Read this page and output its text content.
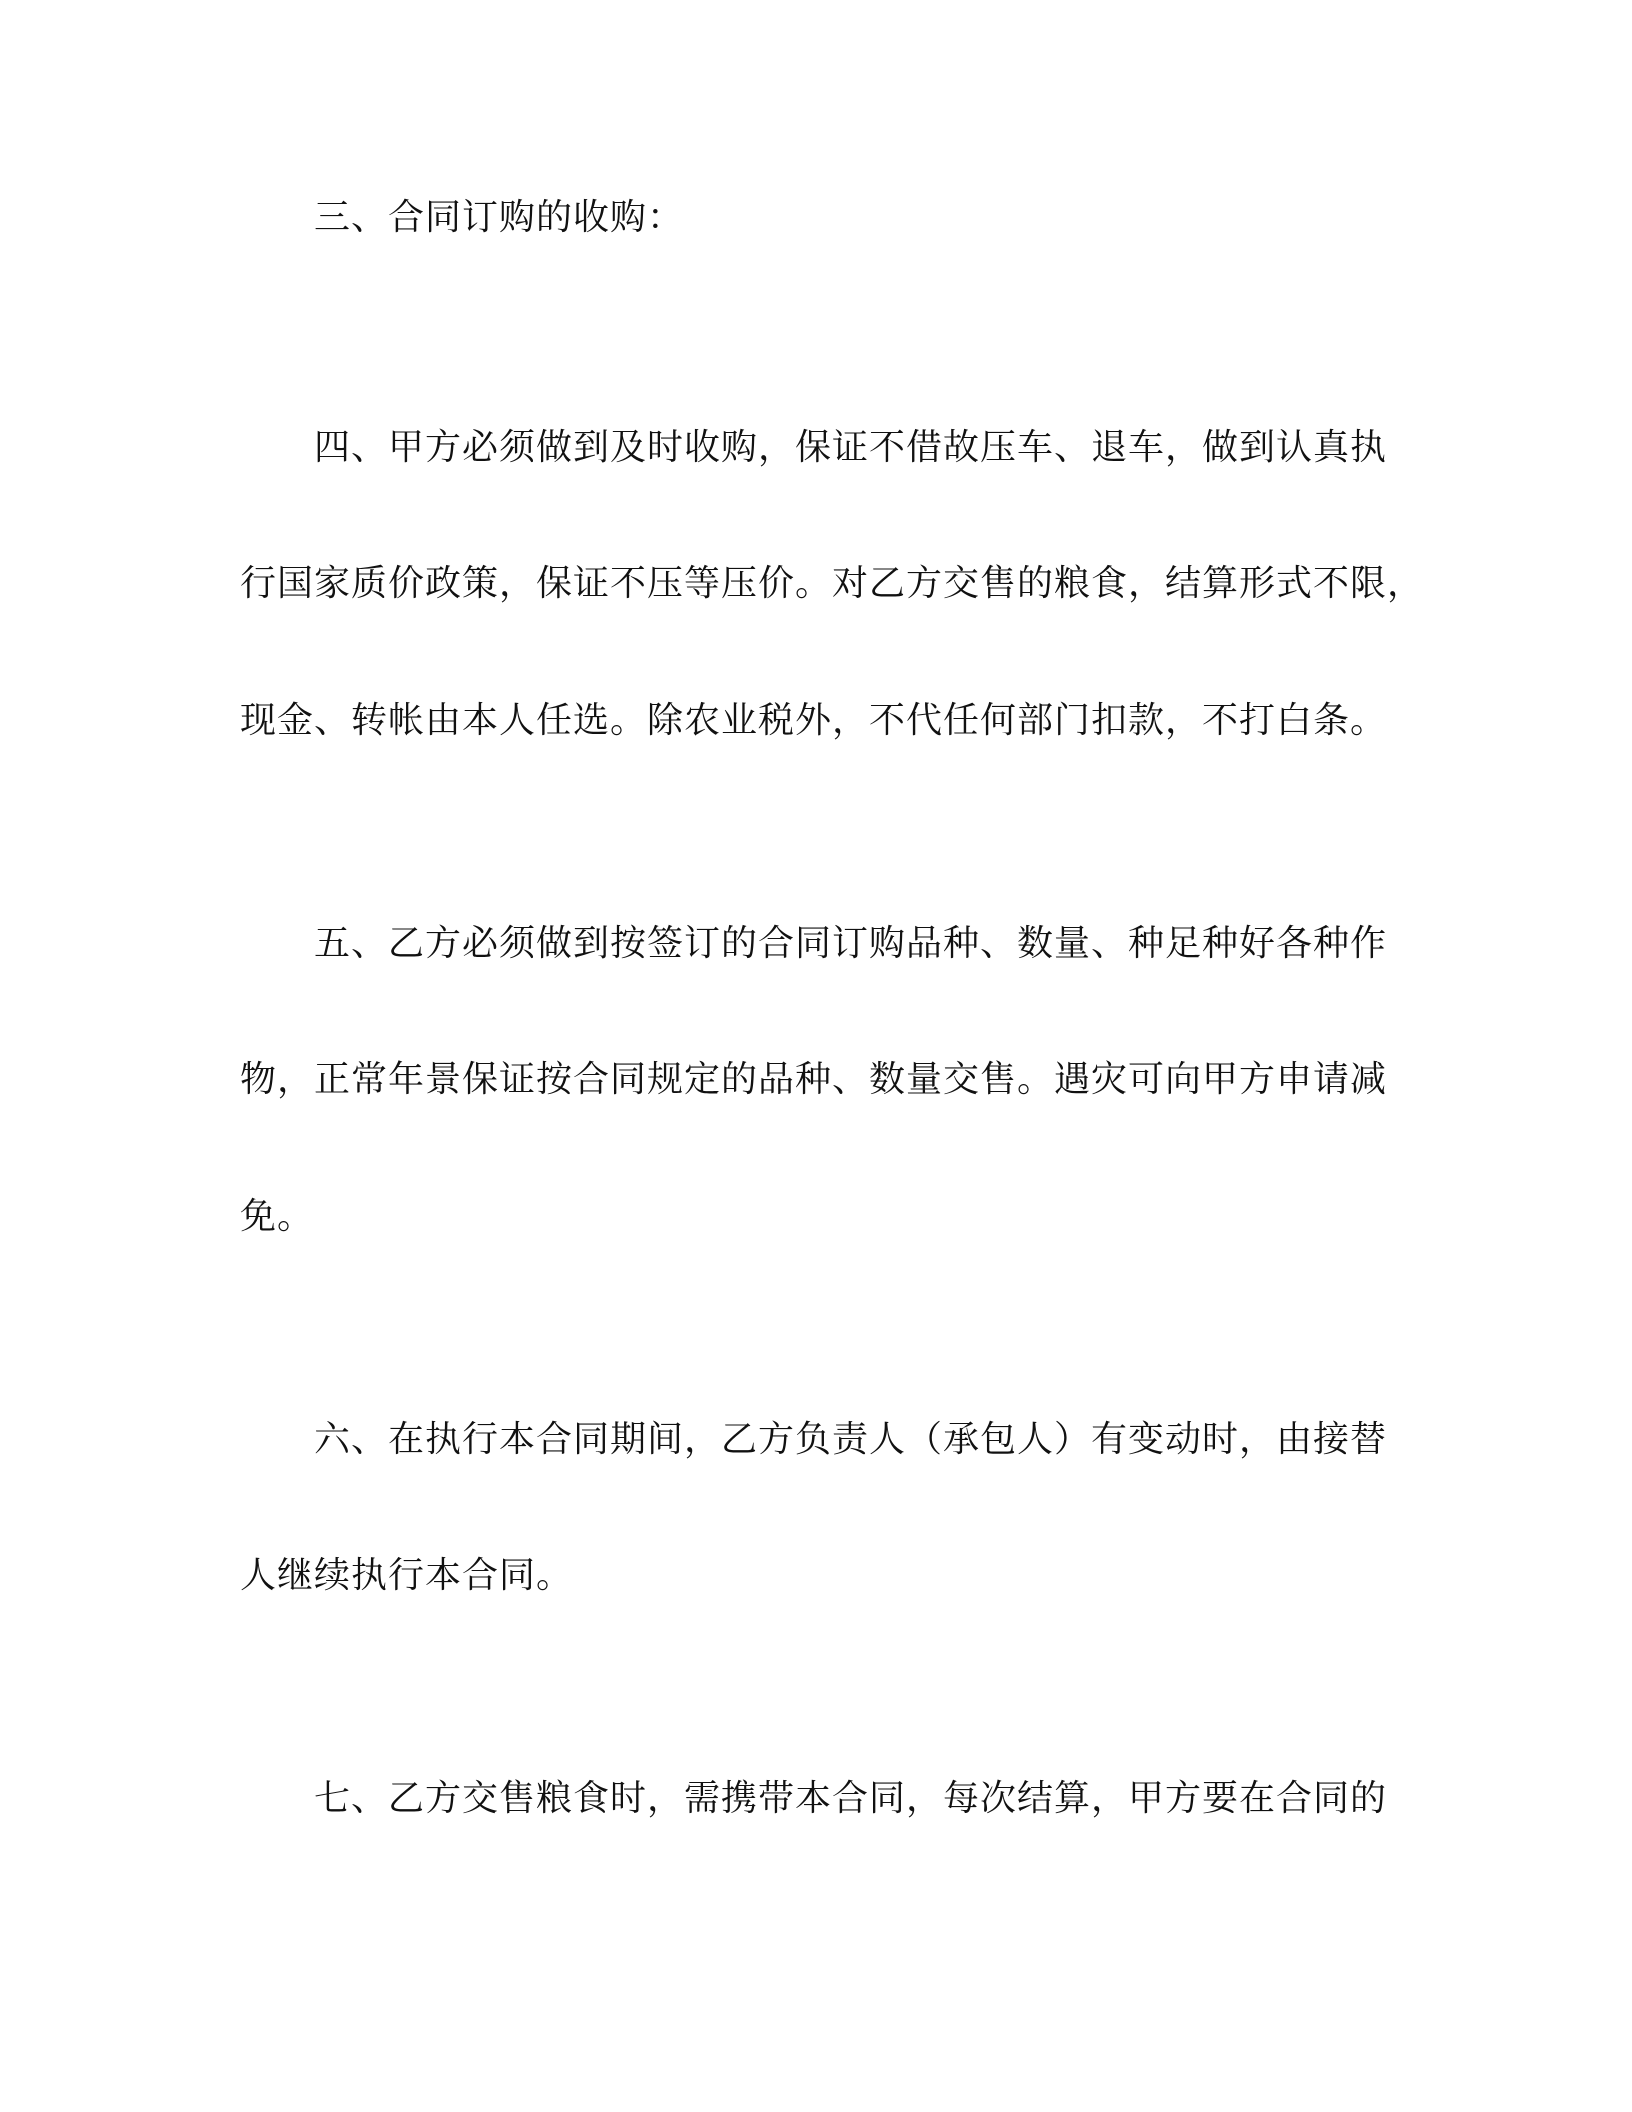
三、合同订购的收购：
四、甲方必须做到及时收购，保证不借故压车、退车，做到认真执
行国家质价政策，保证不压等压价。对乙方交售的粮食，结算形式不限，
现金、转帐由本人任选。除农业税外，不代任何部门扣款，不打白条。
五、乙方必须做到按签订的合同订购品种、数量、种足种好各种作
物，正常年景保证按合同规定的品种、数量交售。遇灾可向甲方申请减
免。
六、在执行本合同期间，乙方负责人（承包人）有变动时，由接替
人继续执行本合同。
七、乙方交售粮食时，需携带本合同，每次结算，甲方要在合同的
